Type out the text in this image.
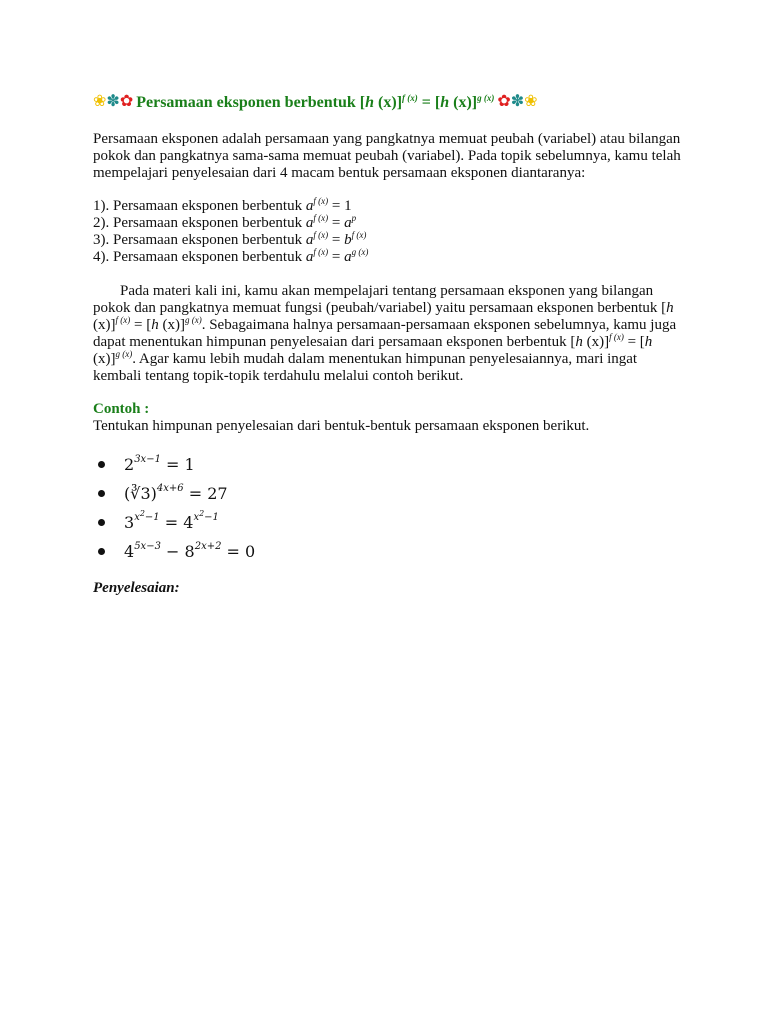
❀ ✽ ✿ Persamaan eksponen berbentuk [h (x)]$^{f (x)}$ = [h (x)]$^{g (x)}$ ✿ ✽ ❀

Persamaan eksponen adalah persamaan yang pangkatnya memuat peubah (variabel) atau bilangan pokok dan pangkatnya sama-sama memuat peubah (variabel). Pada topik sebelumnya, kamu telah mempelajari penyelesaian dari 4 macam bentuk persamaan eksponen diantaranya:

1). Persamaan eksponen berbentuk $a^{f (x)} = 1$
2). Persamaan eksponen berbentuk $a^{f (x)} = a^p$
3). Persamaan eksponen berbentuk $a^{f (x)} = b^{f (x)}$
4). Persamaan eksponen berbentuk $a^{f (x)} = a^{g (x)}$

Pada materi kali ini, kamu akan mempelajari tentang persamaan eksponen yang bilangan pokok dan pangkatnya memuat fungsi (peubah/variabel) yaitu persamaan eksponen berbentuk [h (x)]$^{f (x)}$ = [h (x)]$^{g (x)}$. Sebagaimana halnya persamaan-persamaan eksponen sebelumnya, kamu juga dapat menentukan himpunan penyelesaian dari persamaan eksponen berbentuk [h (x)]$^{f (x)}$ = [h (x)]$^{g (x)}$. Agar kamu lebih mudah dalam menentukan himpunan penyelesaiannya, mari ingat kembali tentang topik-topik terdahulu melalui contoh berikut.

Contoh :

Tentukan himpunan penyelesaian dari bentuk-bentuk persamaan eksponen berikut.

$2^{3x-1} = 1$
(∛3)$^{4x+6}$ = 27
$3^{x^2-1} = 4^{x^2-1}$
$4^{5x-3} - 8^{2x+2} = 0$
Penyelesaian:
